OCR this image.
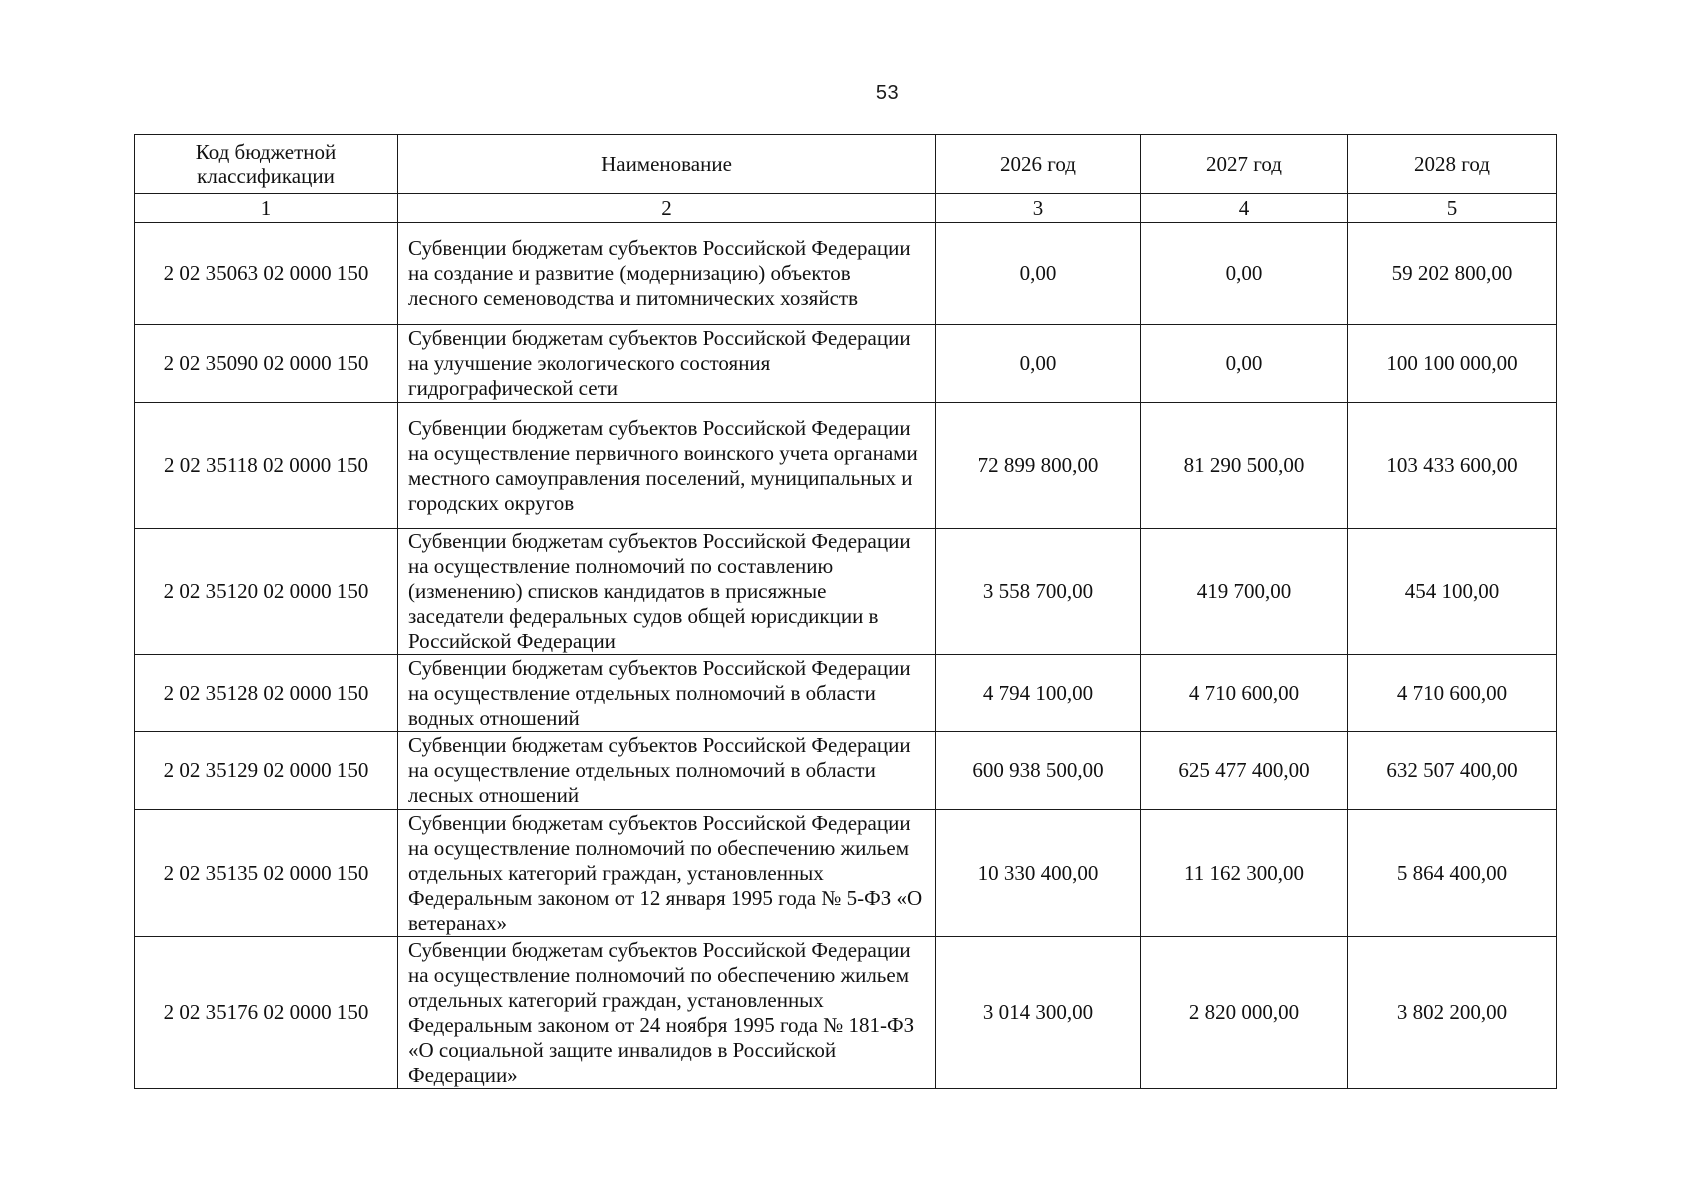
53
Код бюджетной классификации	Наименование	2026 год	2027 год	2028 год
1	2	3	4	5
2 02 35063 02 0000 150	Субвенции бюджетам субъектов Российской Федерации на создание и развитие (модернизацию) объектов лесного семеноводства и питомнических хозяйств	0,00	0,00	59 202 800,00
2 02 35090 02 0000 150	Субвенции бюджетам субъектов Российской Федерации на улучшение экологического состояния гидрографической сети	0,00	0,00	100 100 000,00
2 02 35118 02 0000 150	Субвенции бюджетам субъектов Российской Федерации на осуществление первичного воинского учета органами местного самоуправления поселений, муниципальных и городских округов	72 899 800,00	81 290 500,00	103 433 600,00
2 02 35120 02 0000 150	Субвенции бюджетам субъектов Российской Федерации на осуществление полномочий по составлению (изменению) списков кандидатов в присяжные заседатели федеральных судов общей юрисдикции в Российской Федерации	3 558 700,00	419 700,00	454 100,00
2 02 35128 02 0000 150	Субвенции бюджетам субъектов Российской Федерации на осуществление отдельных полномочий в области водных отношений	4 794 100,00	4 710 600,00	4 710 600,00
2 02 35129 02 0000 150	Субвенции бюджетам субъектов Российской Федерации на осуществление отдельных полномочий в области лесных отношений	600 938 500,00	625 477 400,00	632 507 400,00
2 02 35135 02 0000 150	Субвенции бюджетам субъектов Российской Федерации на осуществление полномочий по обеспечению жильем отдельных категорий граждан, установленных Федеральным законом от 12 января 1995 года № 5-ФЗ «О ветеранах»	10 330 400,00	11 162 300,00	5 864 400,00
2 02 35176 02 0000 150	Субвенции бюджетам субъектов Российской Федерации на осуществление полномочий по обеспечению жильем отдельных категорий граждан, установленных Федеральным законом от 24 ноября 1995 года № 181-ФЗ «О социальной защите инвалидов в Российской Федерации»	3 014 300,00	2 820 000,00	3 802 200,00
